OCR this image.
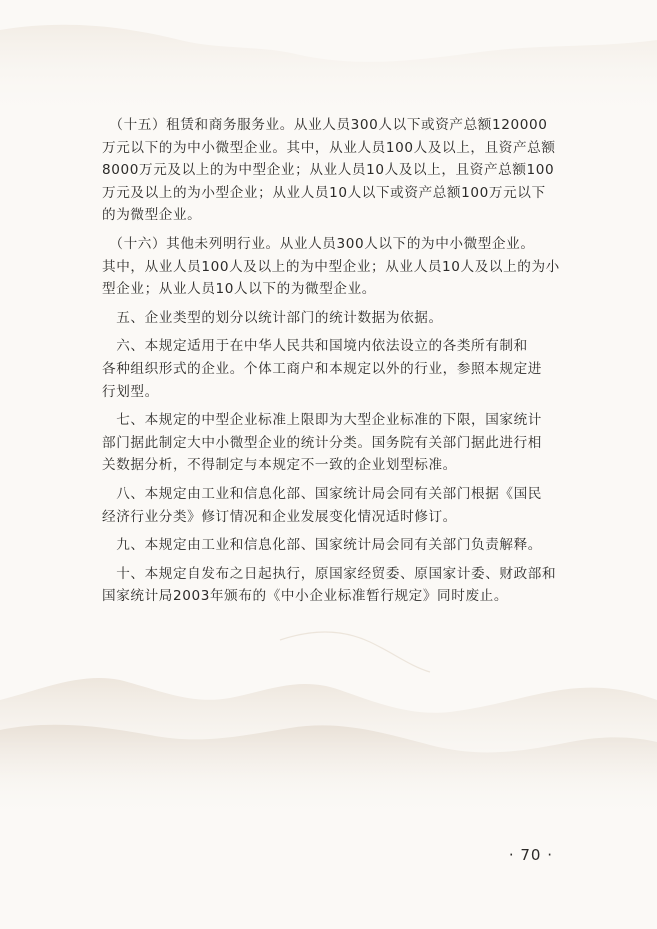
　（十五）租赁和商务服务业。从业人员300人以下或资产总额120000
万元以下的为中小微型企业。其中，从业人员100人及以上，且资产总额
8000万元及以上的为中型企业；从业人员10人及以上，且资产总额100
万元及以上的为小型企业；从业人员10人以下或资产总额100万元以下
的为微型企业。

　（十六）其他未列明行业。从业人员300人以下的为中小微型企业。
其中，从业人员100人及以上的为中型企业；从业人员10人及以上的为小
型企业；从业人员10人以下的为微型企业。

　五、企业类型的划分以统计部门的统计数据为依据。

　六、本规定适用于在中华人民共和国境内依法设立的各类所有制和
各种组织形式的企业。个体工商户和本规定以外的行业，参照本规定进
行划型。

　七、本规定的中型企业标准上限即为大型企业标准的下限，国家统计
部门据此制定大中小微型企业的统计分类。国务院有关部门据此进行相
关数据分析，不得制定与本规定不一致的企业划型标准。

　八、本规定由工业和信息化部、国家统计局会同有关部门根据《国民
经济行业分类》修订情况和企业发展变化情况适时修订。

　九、本规定由工业和信息化部、国家统计局会同有关部门负责解释。

　十、本规定自发布之日起执行，原国家经贸委、原国家计委、财政部和
国家统计局2003年颁布的《中小企业标准暂行规定》同时废止。

· 70 ·
